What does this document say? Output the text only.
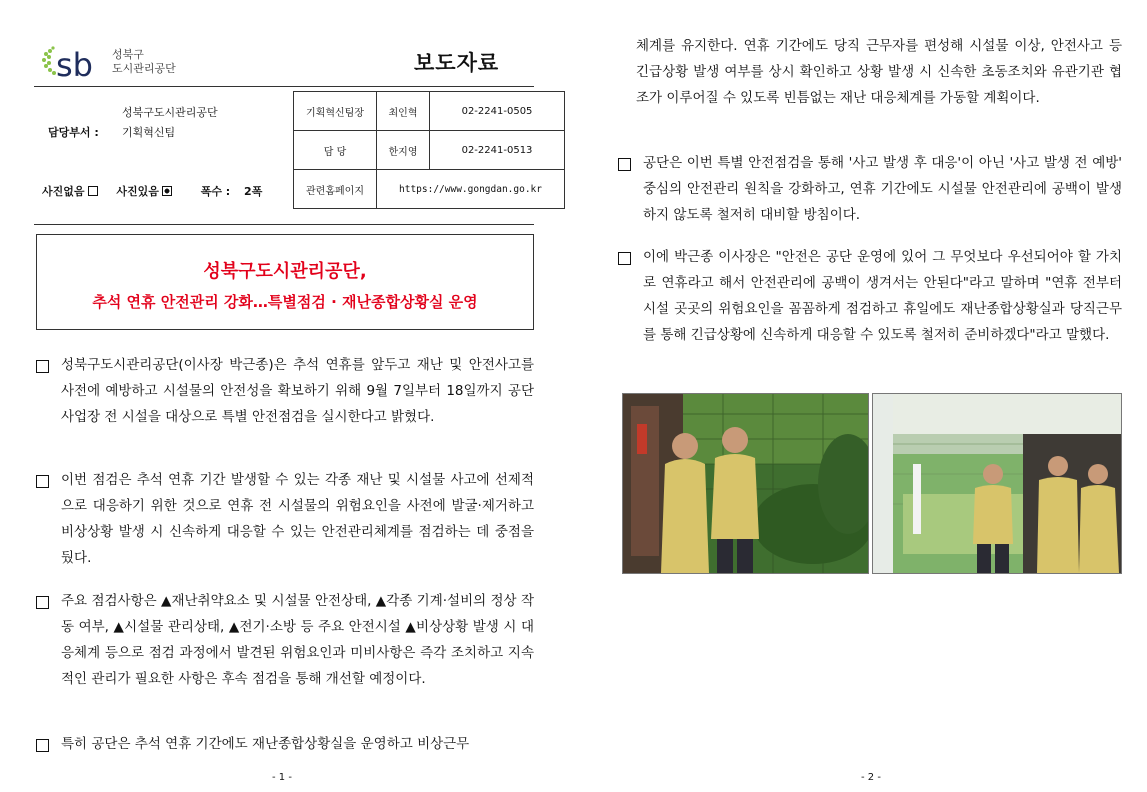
sb 성북구
도시관리공단	보도자료
성북구도시관리공단
담당부서 : 기획혁신팀
사진없음	사진있음	폭수 : 2폭
기획혁신팀장	최인혁	02-2241-0505
담 당	한지영	02-2241-0513
관련홈페이지	https://www.gongdan.go.kr	
성북구도시관리공단,
추석 연휴 안전관리 강화…특별점검 · 재난종합상황실 운영
성북구도시관리공단(이사장 박근종)은 추석 연휴를 앞두고 재난 및 안전사고를 사전에 예방하고 시설물의 안전성을 확보하기 위해 9월 7일부터 18일까지 공단 사업장 전 시설을 대상으로 특별 안전점검을 실시한다고 밝혔다.
이번 점검은 추석 연휴 기간 발생할 수 있는 각종 재난 및 시설물 사고에 선제적으로 대응하기 위한 것으로 연휴 전 시설물의 위험요인을 사전에 발굴·제거하고 비상상황 발생 시 신속하게 대응할 수 있는 안전관리체계를 점검하는 데 중점을 뒀다.
주요 점검사항은 ▲재난취약요소 및 시설물 안전상태, ▲각종 기계·설비의 정상 작동 여부, ▲시설물 관리상태, ▲전기·소방 등 주요 안전시설 ▲비상상황 발생 시 대응체계 등으로 점검 과정에서 발견된 위험요인과 미비사항은 즉각 조치하고 지속적인 관리가 필요한 사항은 후속 점검을 통해 개선할 예정이다.
특히 공단은 추석 연휴 기간에도 재난종합상황실을 운영하고 비상근무
- 1 -
체계를 유지한다. 연휴 기간에도 당직 근무자를 편성해 시설물 이상, 안전사고 등 긴급상황 발생 여부를 상시 확인하고 상황 발생 시 신속한 초동조치와 유관기관 협조가 이루어질 수 있도록 빈틈없는 재난 대응체계를 가동할 계획이다.
공단은 이번 특별 안전점검을 통해 '사고 발생 후 대응'이 아닌 '사고 발생 전 예방' 중심의 안전관리 원칙을 강화하고, 연휴 기간에도 시설물 안전관리에 공백이 발생하지 않도록 철저히 대비할 방침이다.
이에 박근종 이사장은 "안전은 공단 운영에 있어 그 무엇보다 우선되어야 할 가치로 연휴라고 해서 안전관리에 공백이 생겨서는 안된다"라고 말하며 "연휴 전부터 시설 곳곳의 위험요인을 꼼꼼하게 점검하고 휴일에도 재난종합상황실과 당직근무를 통해 긴급상황에 신속하게 대응할 수 있도록 철저히 준비하겠다"라고 말했다.
- 2 -
